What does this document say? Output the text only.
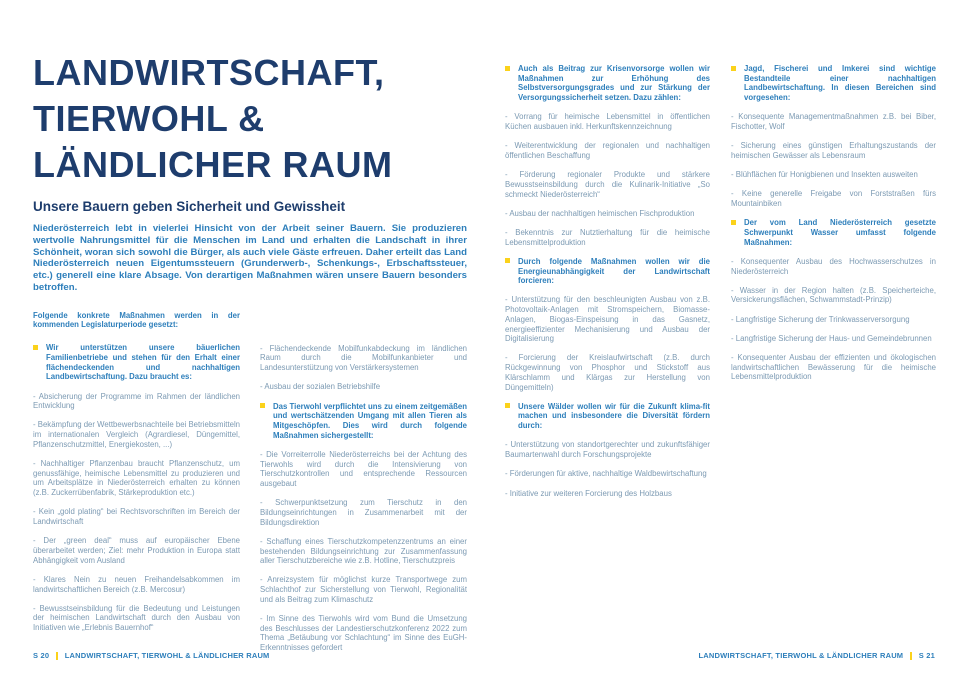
LANDWIRTSCHAFT,
TIERWOHL &
LÄNDLICHER RAUM
Unsere Bauern geben Sicherheit und Gewissheit

Niederösterreich lebt in vielerlei Hinsicht von der Arbeit seiner Bauern. Sie produzieren wertvolle Nahrungsmittel für die Menschen im Land und erhalten die Landschaft in ihrer Schönheit, woran sich sowohl die Bürger, als auch viele Gäste erfreuen. Daher erteilt das Land Niederösterreich neuen Eigentumssteuern (Grunderwerb-, Schenkungs-, Erbschaftssteuer, etc.) generell eine klare Absage. Von derartigen Maßnahmen wären unsere Bauern besonders betroffen.

Folgende konkrete Maßnahmen werden in der kommenden Legislaturperiode gesetzt:
Wir unterstützen unsere bäuerlichen Familienbetriebe und stehen für den Erhalt einer flächendeckenden und nachhaltigen Landbewirtschaftung. Dazu braucht es:
- Absicherung der Programme im Rahmen der ländlichen Entwicklung
- Bekämpfung der Wettbewerbsnachteile bei Betriebsmitteln im internationalen Vergleich (Agrardiesel, Düngemittel, Pflanzenschutzmittel, Energiekosten, ...)
- Nachhaltiger Pflanzenbau braucht Pflanzenschutz, um genussfähige, heimische Lebensmittel zu produzieren und um Arbeitsplätze in Niederösterreich erhalten zu können (z.B. Zuckerrübenfabrik, Stärkeproduktion etc.)
- Kein „gold plating“ bei Rechtsvorschriften im Bereich der Landwirtschaft
- Der „green deal“ muss auf europäischer Ebene überarbeitet werden; Ziel: mehr Produktion in Europa statt Abhängigkeit vom Ausland
- Klares Nein zu neuen Freihandelsabkommen im landwirtschaftlichen Bereich (z.B. Mercosur)
- Bewusstseinsbildung für die Bedeutung und Leistungen der heimischen Landwirtschaft durch den Ausbau von Initiativen wie „Erlebnis Bauernhof“
- Flächendeckende Mobilfunkabdeckung im ländlichen Raum durch die Mobilfunkanbieter und Landesunterstützung von Verstärkersystemen
- Ausbau der sozialen Betriebshilfe
Das Tierwohl verpflichtet uns zu einem zeitgemäßen und wertschätzenden Umgang mit allen Tieren als Mitgeschöpfen. Dies wird durch folgende Maßnahmen sichergestellt:
- Die Vorreiterrolle Niederösterreichs bei der Achtung des Tierwohls wird durch die Intensivierung von Tierschutzkontrollen und entsprechende Ressourcen ausgebaut
- Schwerpunktsetzung zum Tierschutz in den Bildungseinrichtungen in Zusammenarbeit mit der Bildungsdirektion
- Schaffung eines Tierschutzkompetenzzentrums an einer bestehenden Bildungseinrichtung zur Zusammenfassung aller Tierschutzbereiche wie z.B. Hotline, Tierschutzpreis
- Anreizsystem für möglichst kurze Transportwege zum Schlachthof zur Sicherstellung von Tierwohl, Regionalität und als Beitrag zum Klimaschutz
- Im Sinne des Tierwohls wird vom Bund die Umsetzung des Beschlusses der Landestierschutzkonferenz 2022 zum Thema „Betäubung vor Schlachtung“ im Sinne des EuGH-Erkenntnisses gefordert
Auch als Beitrag zur Krisenvorsorge wollen wir Maßnahmen zur Erhöhung des Selbstversorgungsgrades und zur Stärkung der Versorgungssicherheit setzen. Dazu zählen:
- Vorrang für heimische Lebensmittel in öffentlichen Küchen ausbauen inkl. Herkunftskennzeichnung
- Weiterentwicklung der regionalen und nachhaltigen öffentlichen Beschaffung
- Förderung regionaler Produkte und stärkere Bewusstseinsbildung durch die Kulinarik-Initiative „So schmeckt Niederösterreich“
- Ausbau der nachhaltigen heimischen Fischproduktion
- Bekenntnis zur Nutztierhaltung für die heimische Lebensmittelproduktion
Durch folgende Maßnahmen wollen wir die Energieunabhängigkeit der Landwirtschaft forcieren:
- Unterstützung für den beschleunigten Ausbau von z.B. Photovoltaik-Anlagen mit Stromspeichern, Biomasse-Anlagen, Biogas-Einspeisung in das Gasnetz, energieeffizienter Mechanisierung und Ausbau der Digitalisierung
- Forcierung der Kreislaufwirtschaft (z.B. durch Rückgewinnung von Phosphor und Stickstoff aus Klärschlamm und Klärgas zur Herstellung von Düngemitteln)
Unsere Wälder wollen wir für die Zukunft klima-fit machen und insbesondere die Diversität fördern durch:
- Unterstützung von standortgerechter und zukunftsfähiger Baumartenwahl durch Forschungsprojekte
- Förderungen für aktive, nachhaltige Waldbewirtschaftung
- Initiative zur weiteren Forcierung des Holzbaus
Jagd, Fischerei und Imkerei sind wichtige Bestandteile einer nachhaltigen Landbewirtschaftung. In diesen Bereichen sind vorgesehen:
- Konsequente Managementmaßnahmen z.B. bei Biber, Fischotter, Wolf
- Sicherung eines günstigen Erhaltungszustands der heimischen Gewässer als Lebensraum
- Blühflächen für Honigbienen und Insekten ausweiten
- Keine generelle Freigabe von Forststraßen fürs Mountainbiken
Der vom Land Niederösterreich gesetzte Schwerpunkt Wasser umfasst folgende Maßnahmen:
- Konsequenter Ausbau des Hochwasserschutzes in Niederösterreich
- Wasser in der Region halten (z.B. Speicherteiche, Versickerungsflächen, Schwammstadt-Prinzip)
- Langfristige Sicherung der Trinkwasserversorgung
- Langfristige Sicherung der Haus- und Gemeindebrunnen
- Konsequenter Ausbau der effizienten und ökologischen landwirtschaftlichen Bewässerung für die heimische Lebensmittelproduktion
S 20 LANDWIRTSCHAFT, TIERWOHL & LÄNDLICHER RAUM	LANDWIRTSCHAFT, TIERWOHL & LÄNDLICHER RAUM S 21
